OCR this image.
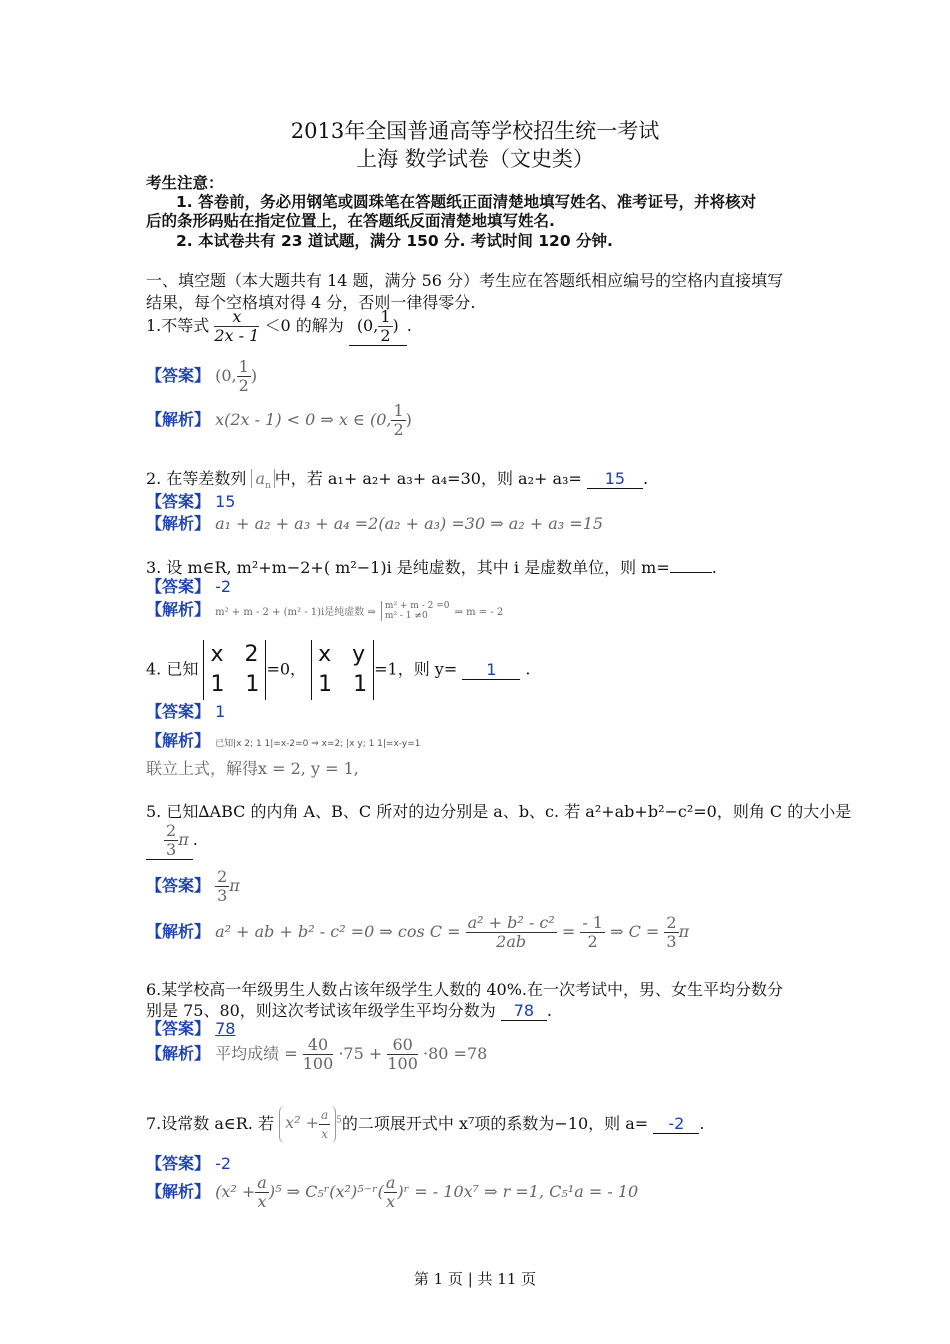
2013年全国普通高等学校招生统一考试
上海 数学试卷（文史类）
考生注意：
1. 答卷前，务必用钢笔或圆珠笔在答题纸正面清楚地填写姓名、准考证号，并将核对
后的条形码贴在指定位置上，在答题纸反面清楚地填写姓名.
2. 本试卷共有 23 道试题，满分 150 分. 考试时间 120 分钟.
一、填空题（本大题共有 14 题，满分 56 分）考生应在答题纸相应编号的空格内直接填写
结果，每个空格填对得 4 分，否则一律得零分.
1.不等式 $\frac{x}{2x - 1} <0$ 的解为 (0, $\frac{1}{2}$ ) .
【答案】 (0, $\frac{1}{2}$ )
【解析】 x(2x - 1) < 0 ⇒ x ∈ (0, $\frac{1}{2}$ )
2. 在等差数列 $a_n$ 中，若 a₁+ a₂+ a₃+ a₄=30，则 a₂+ a₃= 15 .
【答案】 15
【解析】 a₁ + a₂ + a₃ + a₄ =2(a₂ + a₃) =30 ⇒ a₂ + a₃ =15
3. 设 m∈R, m²+m−2+( m²−1)i 是纯虚数，其中 i 是虚数单位，则 m=	.
【答案】 -2
【解析】 m² + m - 2 + (m² - 1)i是纯虚数 ⇒
m² + m - 2 =0
m² - 1 ≠0	⇒ m = - 2
4. 已知
x   2
1   1
=0，
x   y
1   1
=1，则 y= 1 .
【答案】 1
【解析】 已知|x 2; 1 1|=x-2=0 ⇒ x=2; |x y; 1 1|=x-y=1
联立上式，解得x = 2, y = 1,
5. 已知∆ABC 的内角 A、B、C 所对的边分别是 a、b、c. 若 a²+ab+b²−c²=0，则角 C 的大小是
$\frac{2}{3}$ π .
【答案】 $\frac{2}{3}$ π
【解析】 a² + ab + b² - c² =0 ⇒ $\cos C = \frac{\text{a² + b² - c²}}{2ab} = \frac{- 1}{2}$ ⇒ $C = \frac{2}{3}$ π
6.某学校高一年级男生人数占该年级学生人数的 40%.在一次考试中，男、女生平均分数分
别是 75、80，则这次考试该年级学生平均分数为 78 .
【答案】 78
【解析】 平均成绩 = $\frac{40}{100} \cdot 75 + \frac{60}{100} \cdot 80 =78$
7.设常数 a∈R. 若 $x^2 + \frac{a}{x} ^5$的二项展开式中 x⁷项的系数为−10，则 a= -2 .
【答案】 -2
【解析】 $(x^2 + \frac{a}{x} )^5$ ⇒ C₅ʳ(x²)⁵⁻ʳ( $\frac{a}{x}$ )ʳ = - 10x⁷ ⇒ r =1, C₅¹a = - 10
第 1 页 | 共 11 页
